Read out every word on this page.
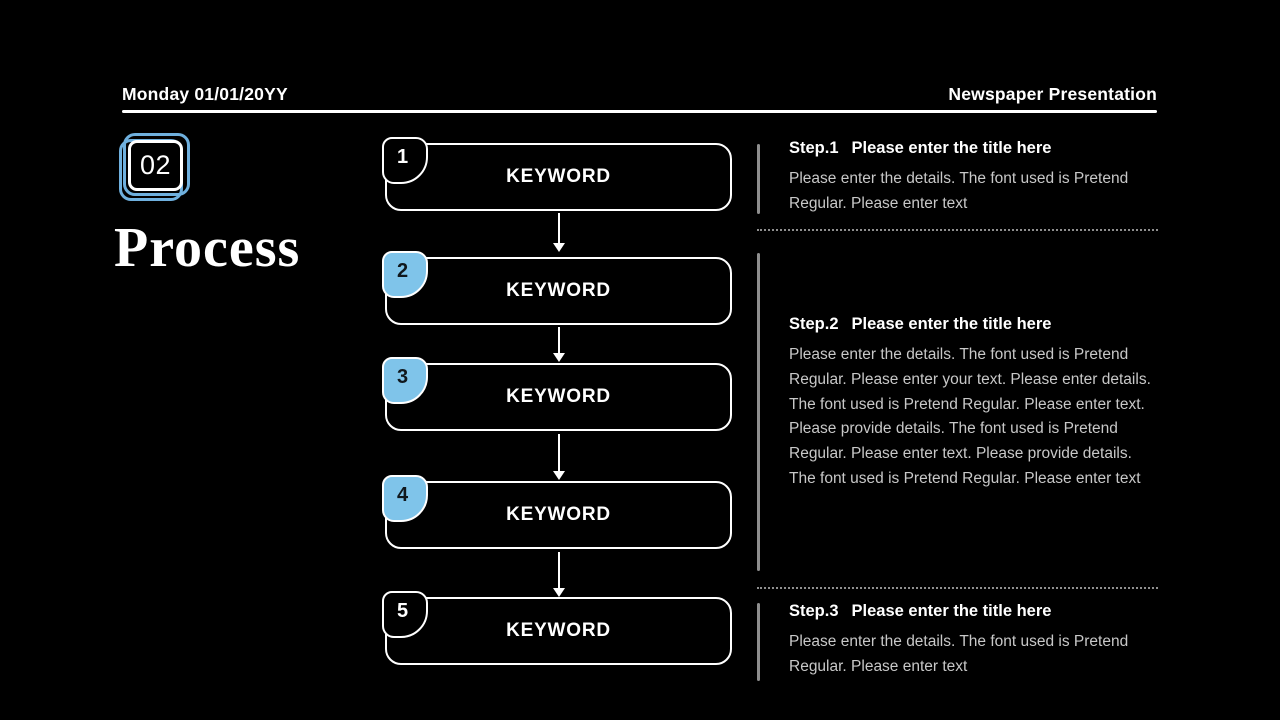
Monday 01/01/20YY	Newspaper Presentation
02
Process
1
KEYWORD
2
KEYWORD
3
KEYWORD
4
KEYWORD
5
KEYWORD
Step.1 Please enter the title here
Please enter the details. The font used is Pretend Regular. Please enter text
Step.2 Please enter the title here
Please enter the details. The font used is Pretend Regular. Please enter your text. Please enter details. The font used is Pretend Regular. Please enter text. Please provide details. The font used is Pretend Regular. Please enter text. Please provide details. The font used is Pretend Regular. Please enter text
Step.3 Please enter the title here
Please enter the details. The font used is Pretend Regular. Please enter text
